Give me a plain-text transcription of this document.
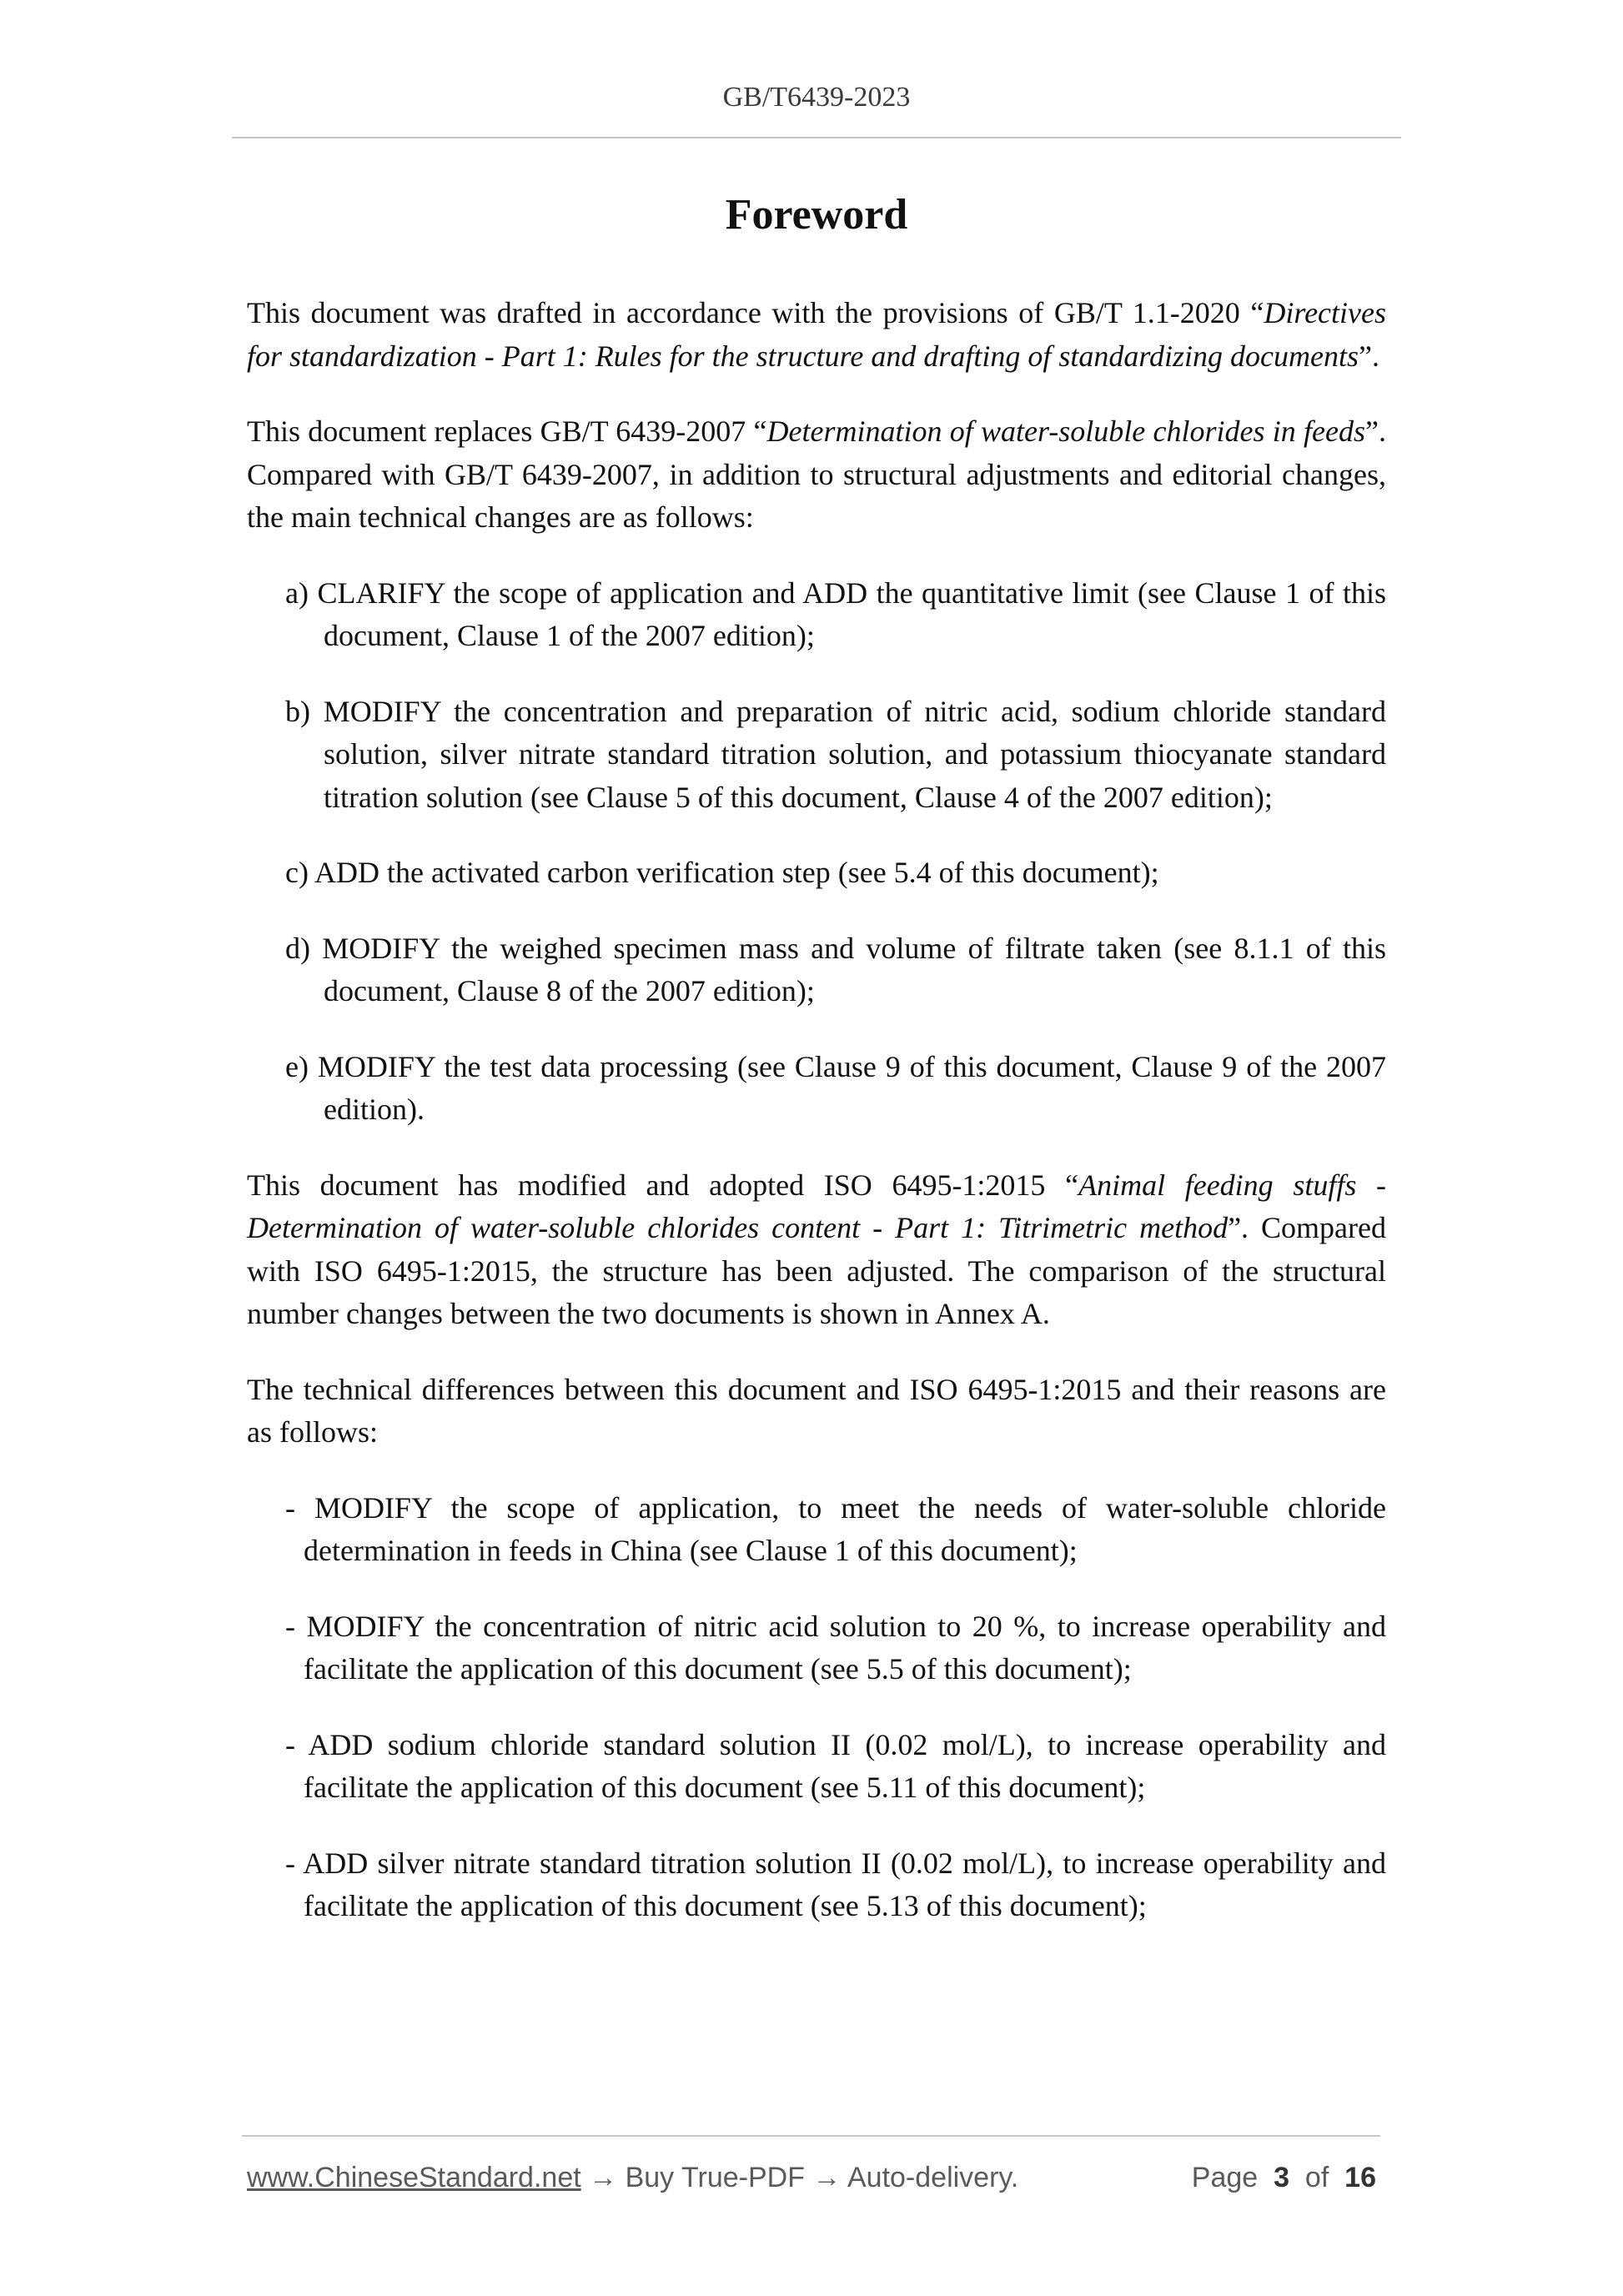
GB/T6439-2023
Foreword

This document was drafted in accordance with the provisions of GB/T 1.1-2020 “Directives for standardization - Part 1: Rules for the structure and drafting of standardizing documents”.

This document replaces GB/T 6439-2007 “Determination of water-soluble chlorides in feeds”. Compared with GB/T 6439-2007, in addition to structural adjustments and editorial changes, the main technical changes are as follows:

a) CLARIFY the scope of application and ADD the quantitative limit (see Clause 1 of this document, Clause 1 of the 2007 edition);
b) MODIFY the concentration and preparation of nitric acid, sodium chloride standard solution, silver nitrate standard titration solution, and potassium thiocyanate standard titration solution (see Clause 5 of this document, Clause 4 of the 2007 edition);
c) ADD the activated carbon verification step (see 5.4 of this document);
d) MODIFY the weighed specimen mass and volume of filtrate taken (see 8.1.1 of this document, Clause 8 of the 2007 edition);
e) MODIFY the test data processing (see Clause 9 of this document, Clause 9 of the 2007 edition).

This document has modified and adopted ISO 6495-1:2015 “Animal feeding stuffs - Determination of water-soluble chlorides content - Part 1: Titrimetric method”. Compared with ISO 6495-1:2015, the structure has been adjusted. The comparison of the structural number changes between the two documents is shown in Annex A.

The technical differences between this document and ISO 6495-1:2015 and their reasons are as follows:

- MODIFY the scope of application, to meet the needs of water-soluble chloride determination in feeds in China (see Clause 1 of this document);
- MODIFY the concentration of nitric acid solution to 20 %, to increase operability and facilitate the application of this document (see 5.5 of this document);
- ADD sodium chloride standard solution II (0.02 mol/L), to increase operability and facilitate the application of this document (see 5.11 of this document);
- ADD silver nitrate standard titration solution II (0.02 mol/L), to increase operability and facilitate the application of this document (see 5.13 of this document);
www.ChineseStandard.net → Buy True-PDF → Auto-delivery.	Page 3 of 16
